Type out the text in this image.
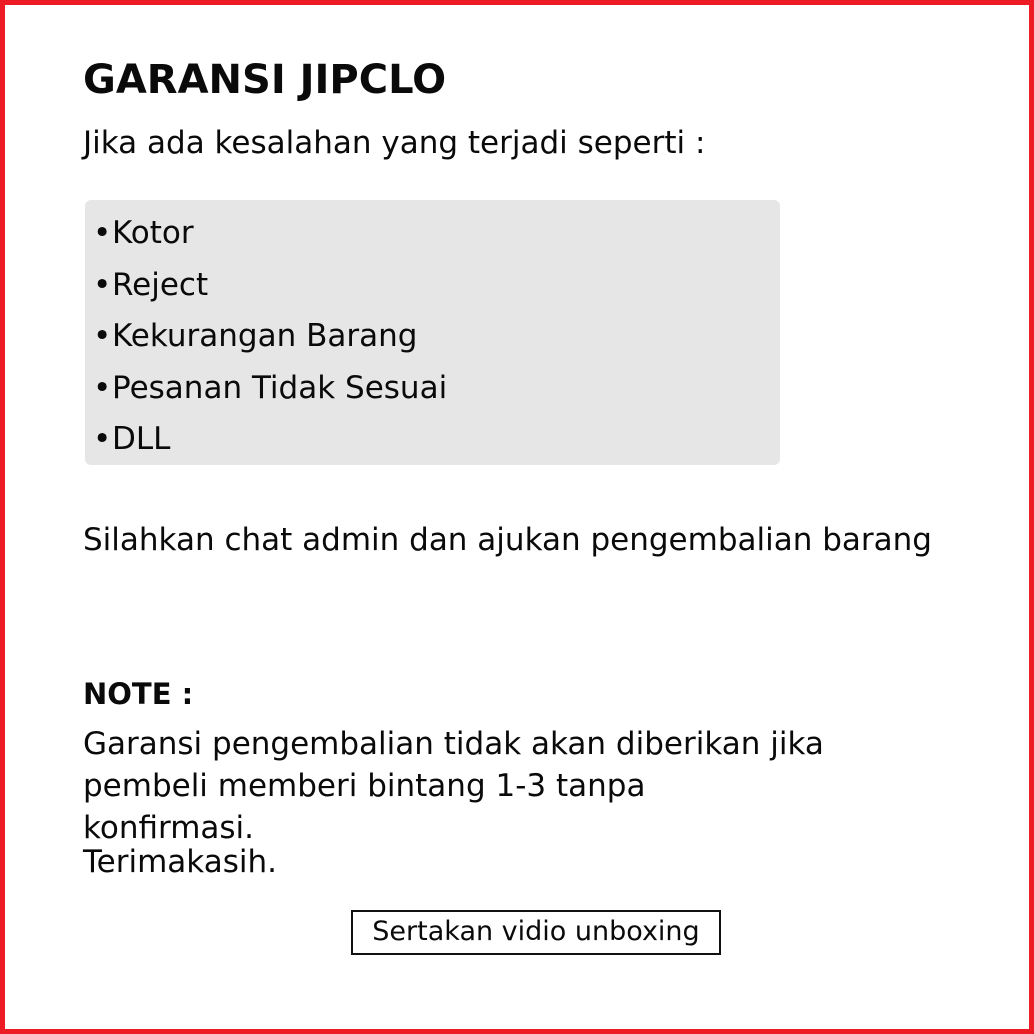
GARANSI JIPCLO

Jika ada kesalahan yang terjadi seperti :

•Kotor
•Reject
•Kekurangan Barang
•Pesanan Tidak Sesuai
•DLL

Silahkan chat admin dan ajukan pengembalian barang

NOTE :

Garansi pengembalian tidak akan diberikan jika

pembeli memberi bintang 1-3 tanpa

konfirmasi.

Terimakasih.

Sertakan vidio unboxing
